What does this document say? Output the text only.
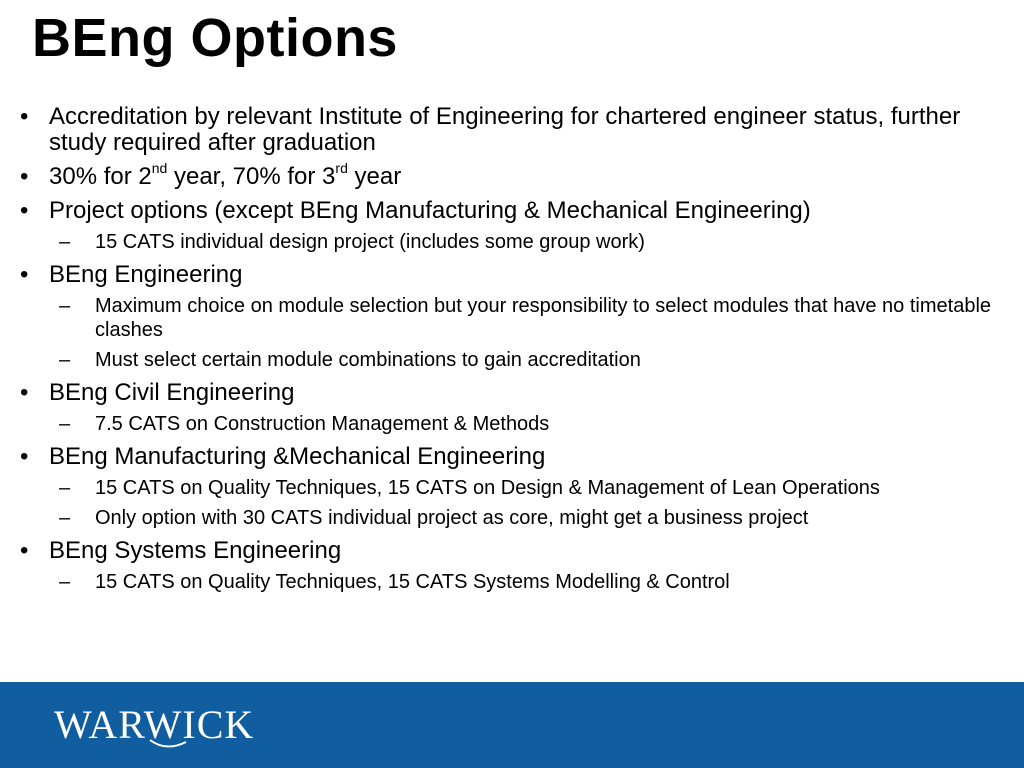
BEng Options
• Accreditation by relevant Institute of Engineering for chartered engineer status, further study required after graduation
• 30% for 2nd year, 70% for 3rd year
• Project options (except BEng Manufacturing & Mechanical Engineering)
– 15 CATS individual design project (includes some group work)
• BEng Engineering
– Maximum choice on module selection but your responsibility to select modules that have no timetable clashes
– Must select certain module combinations to gain accreditation
• BEng Civil Engineering
– 7.5 CATS on Construction Management & Methods
• BEng Manufacturing &Mechanical Engineering
– 15 CATS on Quality Techniques, 15 CATS on Design & Management of Lean Operations
– Only option with 30 CATS individual project as core, might get a business project
• BEng Systems Engineering
– 15 CATS on Quality Techniques, 15 CATS Systems Modelling & Control
WARWICK
